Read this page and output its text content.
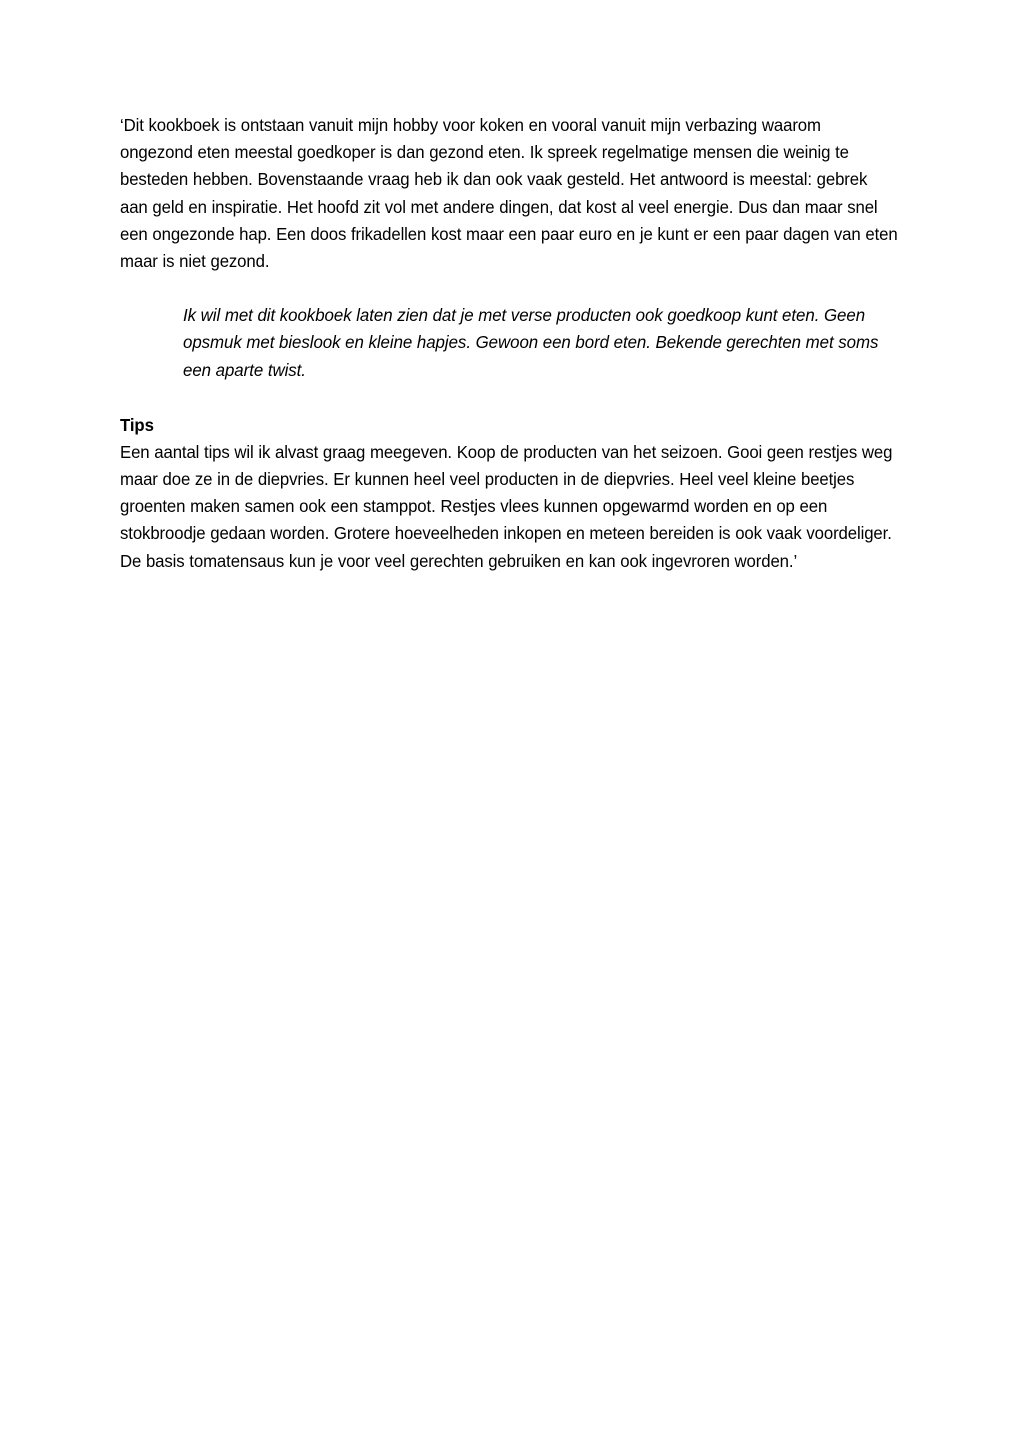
‘Dit kookboek is ontstaan vanuit mijn hobby voor koken en vooral vanuit mijn verbazing waarom ongezond eten meestal goedkoper is dan gezond eten. Ik spreek regelmatige mensen die weinig te besteden hebben. Bovenstaande vraag heb ik dan ook vaak gesteld. Het antwoord is meestal: gebrek aan geld en inspiratie. Het hoofd zit vol met andere dingen, dat kost al veel energie. Dus dan maar snel een ongezonde hap. Een doos frikadellen kost maar een paar euro en je kunt er een paar dagen van eten maar is niet gezond.

Ik wil met dit kookboek laten zien dat je met verse producten ook goedkoop kunt eten. Geen opsmuk met bieslook en kleine hapjes. Gewoon een bord eten. Bekende gerechten met soms een aparte twist.

Tips

Een aantal tips wil ik alvast graag meegeven. Koop de producten van het seizoen. Gooi geen restjes weg maar doe ze in de diepvries. Er kunnen heel veel producten in de diepvries. Heel veel kleine beetjes groenten maken samen ook een stamppot. Restjes vlees kunnen opgewarmd worden en op een stokbroodje gedaan worden. Grotere hoeveelheden inkopen en meteen bereiden is ook vaak voordeliger. De basis tomatensaus kun je voor veel gerechten gebruiken en kan ook ingevroren worden.’
